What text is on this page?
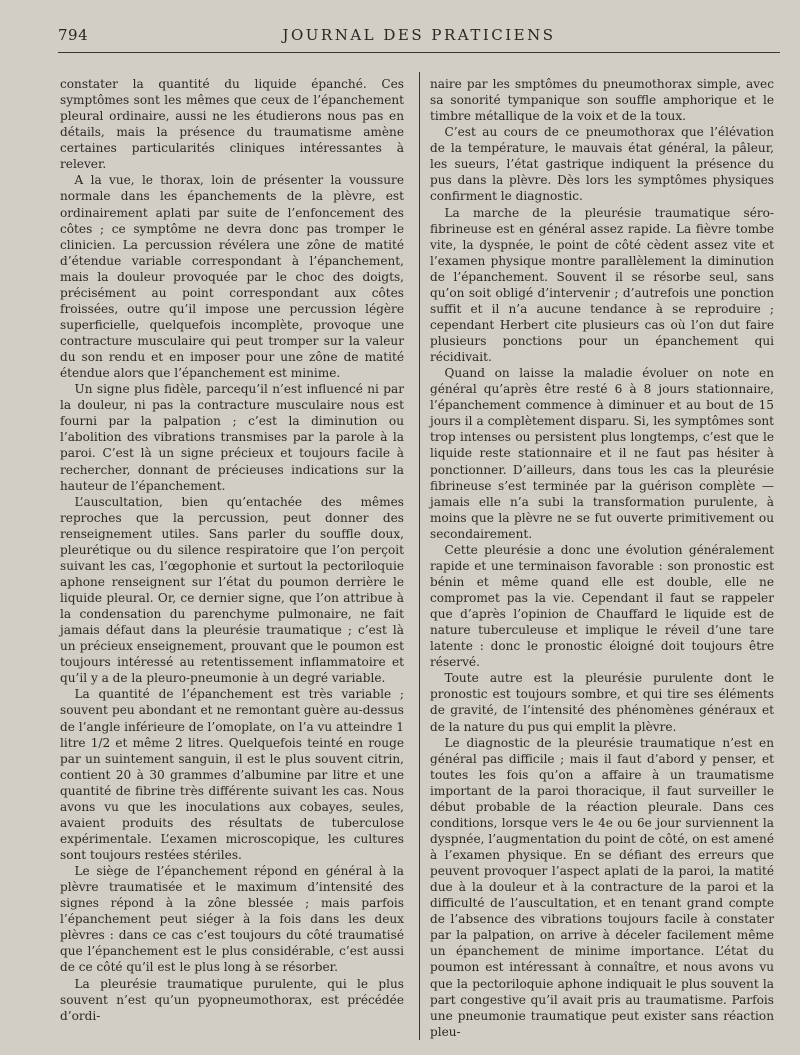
794	JOURNAL DES PRATICIENS

constater la quantité du liquide épanché. Ces symptômes sont les mêmes que ceux de l’épanchement pleural ordinaire, aussi ne les étudierons nous pas en détails, mais la présence du traumatisme amène certaines particularités cliniques intéressantes à relever.

A la vue, le thorax, loin de présenter la voussure normale dans les épanchements de la plèvre, est ordinairement aplati par suite de l’enfoncement des côtes ; ce symptôme ne devra donc pas tromper le clinicien. La percussion révélera une zône de matité d’étendue variable correspondant à l’épanchement, mais la douleur provoquée par le choc des doigts, précisément au point correspondant aux côtes froissées, outre qu’il impose une percussion légère superficielle, quelquefois incomplète, provoque une contracture musculaire qui peut tromper sur la valeur du son rendu et en imposer pour une zône de matité étendue alors que l’épanchement est minime.

Un signe plus fidèle, parcequ’il n’est influencé ni par la douleur, ni pas la contracture musculaire nous est fourni par la palpation ; c’est la diminution ou l’abolition des vibrations transmises par la parole à la paroi. C’est là un signe précieux et toujours facile à rechercher, donnant de précieuses indications sur la hauteur de l’épanchement.

L’auscultation, bien qu’entachée des mêmes reproches que la percussion, peut donner des renseignement utiles. Sans parler du souffle doux, pleurétique ou du silence respiratoire que l’on perçoit suivant les cas, l’œgophonie et surtout la pectoriloquie aphone renseignent sur l’état du poumon derrière le liquide pleural. Or, ce dernier signe, que l’on attribue à la condensation du parenchyme pulmonaire, ne fait jamais défaut dans la pleurésie traumatique ; c’est là un précieux enseignement, prouvant que le poumon est toujours intéressé au retentissement inflammatoire et qu’il y a de la pleuro-pneumonie à un degré variable.

La quantité de l’épanchement est très variable ; souvent peu abondant et ne remontant guère au-dessus de l’angle inférieure de l’omoplate, on l’a vu atteindre 1 litre 1/2 et même 2 litres. Quelquefois teinté en rouge par un suintement sanguin, il est le plus souvent citrin, contient 20 à 30 grammes d’albumine par litre et une quantité de fibrine très différente suivant les cas. Nous avons vu que les inoculations aux cobayes, seules, avaient produits des résultats de tuberculose expérimentale. L’examen microscopique, les cultures sont toujours restées stériles.

Le siège de l’épanchement répond en général à la plèvre traumatisée et le maximum d’intensité des signes répond à la zône blessée ; mais parfois l’épanchement peut siéger à la fois dans les deux plèvres : dans ce cas c’est toujours du côté traumatisé que l’épanchement est le plus considérable, c’est aussi de ce côté qu’il est le plus long à se résorber.

La pleurésie traumatique purulente, qui le plus souvent n’est qu’un pyopneumothorax, est précédée d’ordi-

naire par les smptômes du pneumothorax simple, avec sa sonorité tympanique son souffle amphorique et le timbre métallique de la voix et de la toux.

C’est au cours de ce pneumothorax que l’élévation de la température, le mauvais état général, la pâleur, les sueurs, l’état gastrique indiquent la présence du pus dans la plèvre. Dès lors les symptômes physiques confirment le diagnostic.

La marche de la pleurésie traumatique séro-fibrineuse est en général assez rapide. La fièvre tombe vite, la dyspnée, le point de côté cèdent assez vite et l’examen physique montre parallèlement la diminution de l’épanchement. Souvent il se résorbe seul, sans qu’on soit obligé d’intervenir ; d’autrefois une ponction suffit et il n’a aucune tendance à se reproduire ; cependant Herbert cite plusieurs cas où l’on dut faire plusieurs ponctions pour un épanchement qui récidivait.

Quand on laisse la maladie évoluer on note en général qu’après être resté 6 à 8 jours stationnaire, l’épanchement commence à diminuer et au bout de 15 jours il a complètement disparu. Si, les symptômes sont trop intenses ou persistent plus longtemps, c’est que le liquide reste stationnaire et il ne faut pas hésiter à ponctionner. D’ailleurs, dans tous les cas la pleurésie fibrineuse s’est terminée par la guérison complète — jamais elle n’a subi la transformation purulente, à moins que la plèvre ne se fut ouverte primitivement ou secondairement.

Cette pleurésie a donc une évolution généralement rapide et une terminaison favorable : son pronostic est bénin et même quand elle est double, elle ne compromet pas la vie. Cependant il faut se rappeler que d’après l’opinion de Chauffard le liquide est de nature tuberculeuse et implique le réveil d’une tare latente : donc le pronostic éloigné doit toujours être réservé.

Toute autre est la pleurésie purulente dont le pronostic est toujours sombre, et qui tire ses éléments de gravité, de l’intensité des phénomènes généraux et de la nature du pus qui emplit la plèvre.

Le diagnostic de la pleurésie traumatique n’est en général pas difficile ; mais il faut d’abord y penser, et toutes les fois qu’on a affaire à un traumatisme important de la paroi thoracique, il faut surveiller le début probable de la réaction pleurale. Dans ces conditions, lorsque vers le 4e ou 6e jour surviennent la dyspnée, l’augmentation du point de côté, on est amené à l’examen physique. En se défiant des erreurs que peuvent provoquer l’aspect aplati de la paroi, la matité due à la douleur et à la contracture de la paroi et la difficulté de l’auscultation, et en tenant grand compte de l’absence des vibrations toujours facile à constater par la palpation, on arrive à déceler facilement même un épanchement de minime importance. L’état du poumon est intéressant à connaître, et nous avons vu que la pectoriloquie aphone indiquait le plus souvent la part congestive qu’il avait pris au traumatisme. Parfois une pneumonie traumatique peut exister sans réaction pleu-
